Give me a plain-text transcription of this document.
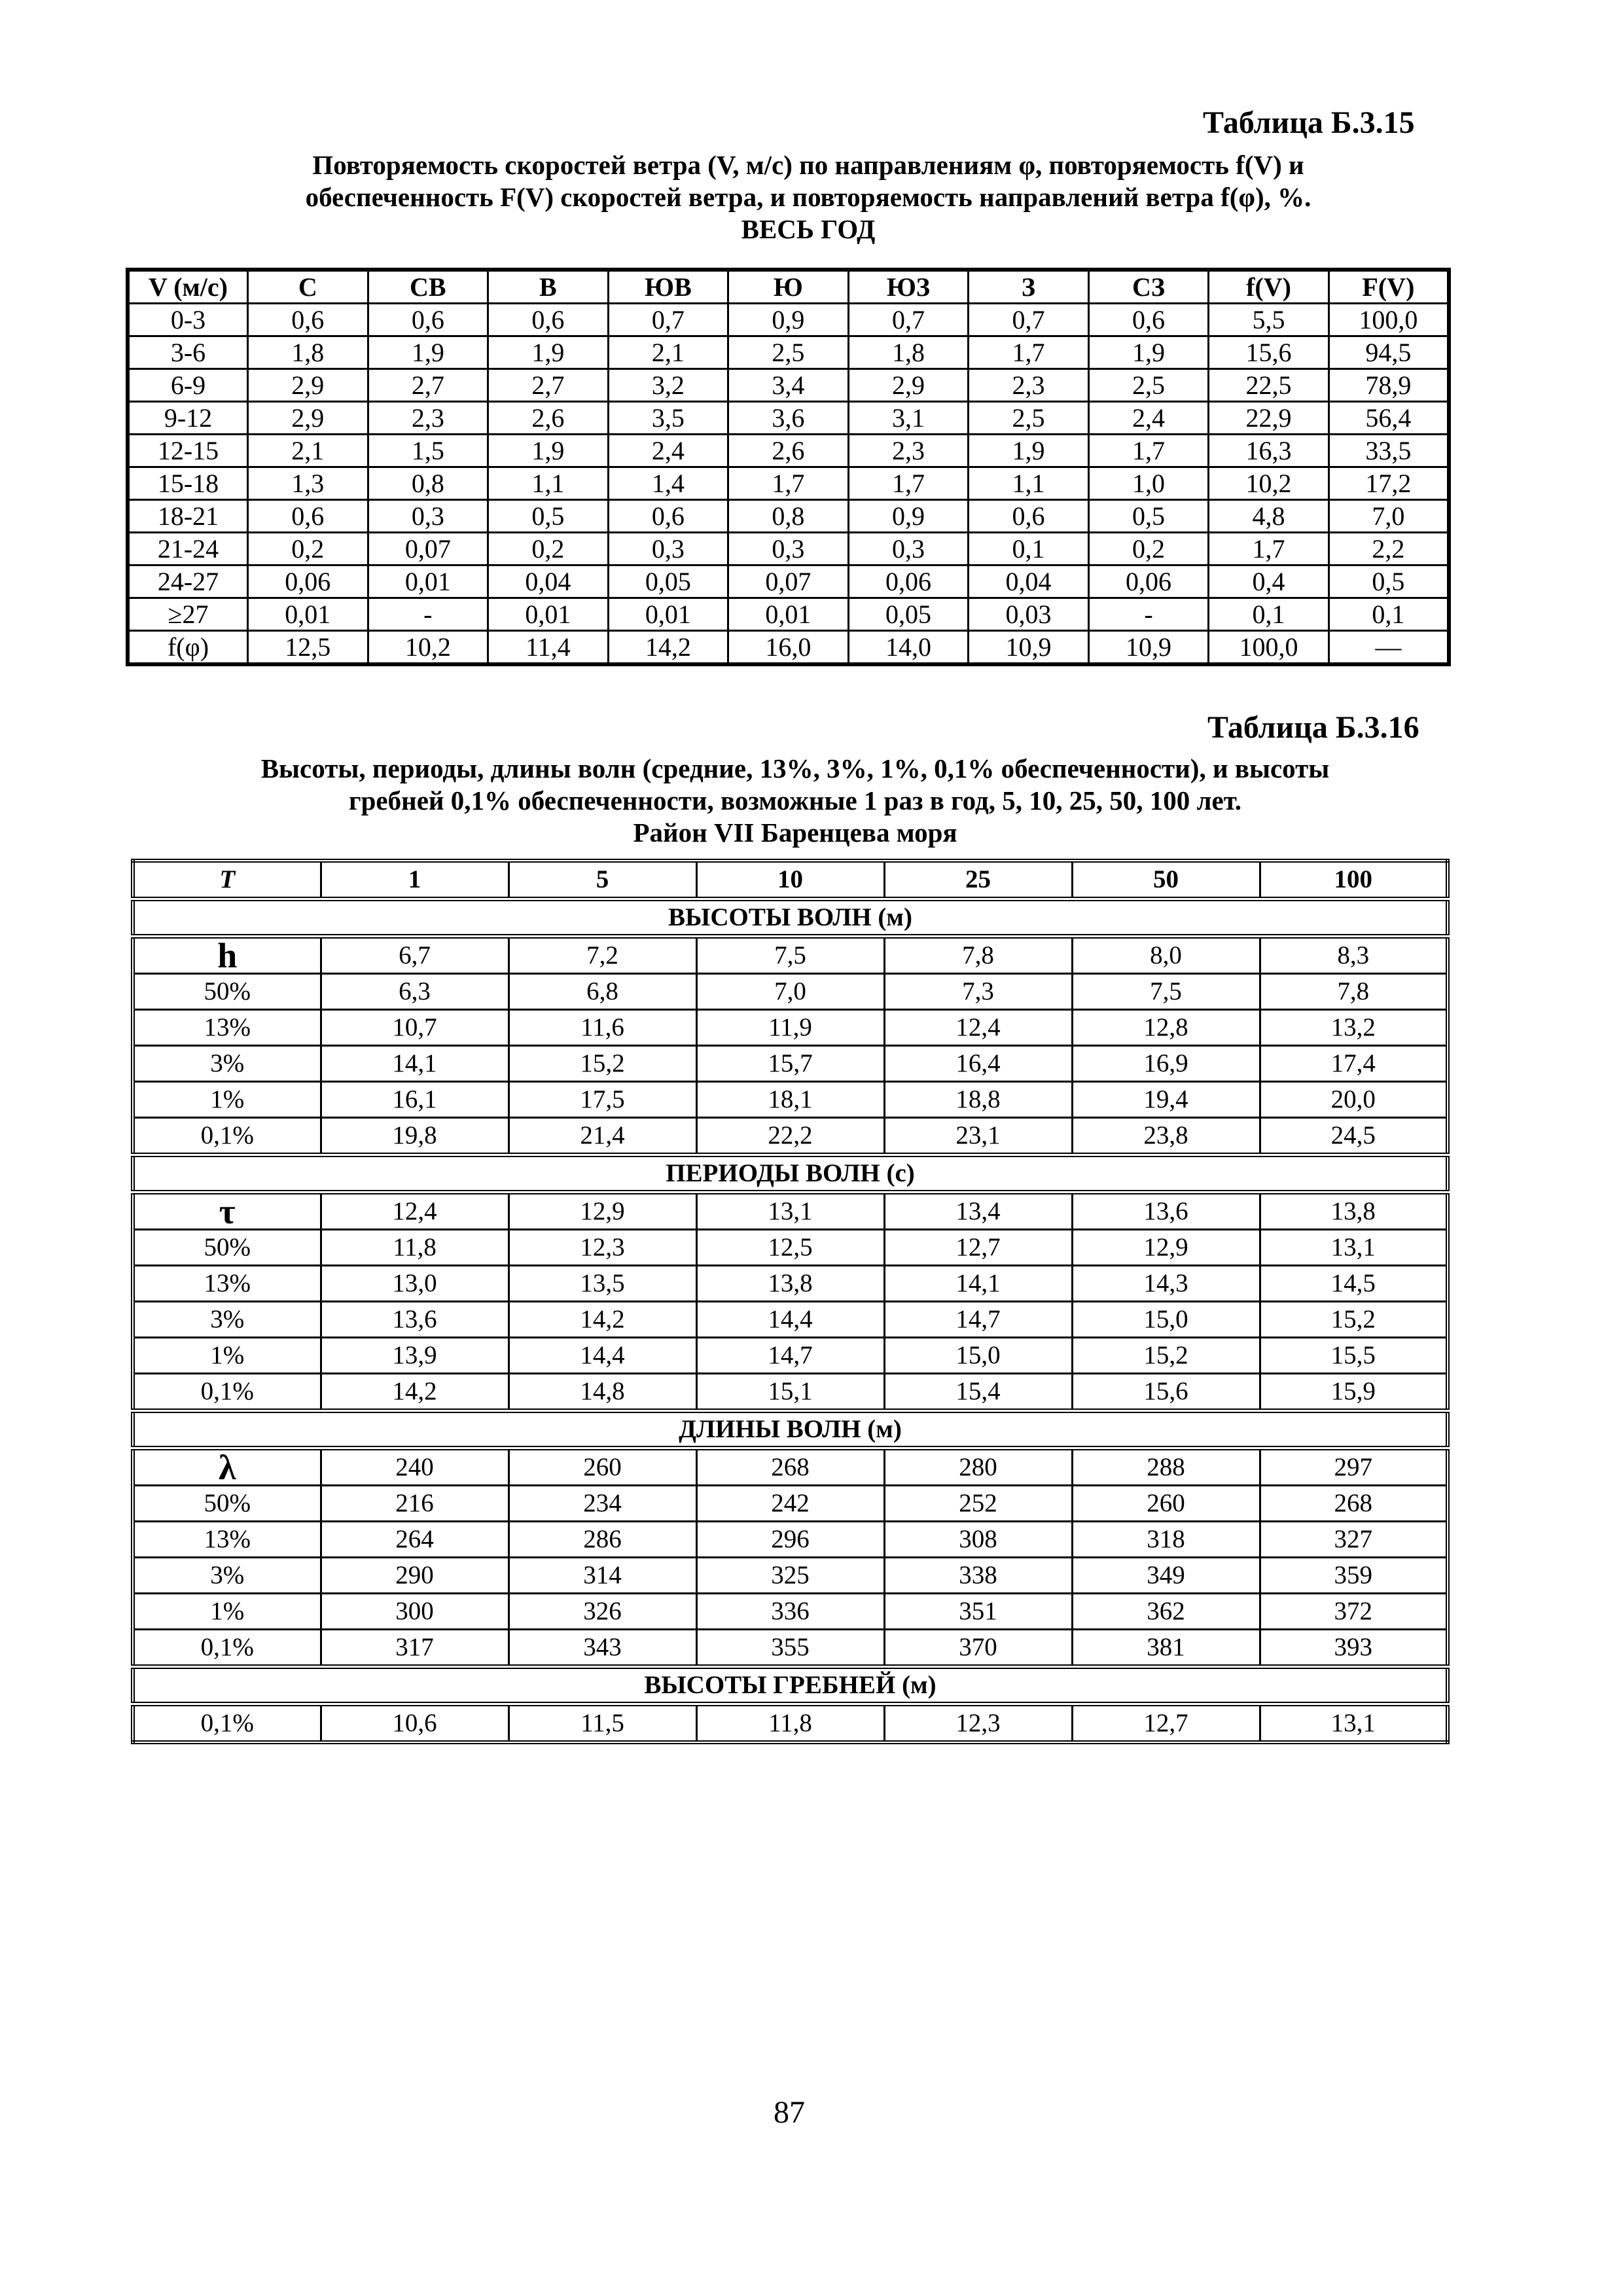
Таблица Б.3.15
Повторяемость скоростей ветра (V, м/с) по направлениям φ, повторяемость f(V) и
обеспеченность F(V) скоростей ветра, и повторяемость направлений ветра f(φ), %.
ВЕСЬ ГОД
V (м/с)	С	СВ	В	ЮВ	Ю	ЮЗ	З	СЗ	f(V)	F(V)
0-3	0,6	0,6	0,6	0,7	0,9	0,7	0,7	0,6	5,5	100,0
3-6	1,8	1,9	1,9	2,1	2,5	1,8	1,7	1,9	15,6	94,5
6-9	2,9	2,7	2,7	3,2	3,4	2,9	2,3	2,5	22,5	78,9
9-12	2,9	2,3	2,6	3,5	3,6	3,1	2,5	2,4	22,9	56,4
12-15	2,1	1,5	1,9	2,4	2,6	2,3	1,9	1,7	16,3	33,5
15-18	1,3	0,8	1,1	1,4	1,7	1,7	1,1	1,0	10,2	17,2
18-21	0,6	0,3	0,5	0,6	0,8	0,9	0,6	0,5	4,8	7,0
21-24	0,2	0,07	0,2	0,3	0,3	0,3	0,1	0,2	1,7	2,2
24-27	0,06	0,01	0,04	0,05	0,07	0,06	0,04	0,06	0,4	0,5
≥27	0,01	-	0,01	0,01	0,01	0,05	0,03	-	0,1	0,1
f(φ)	12,5	10,2	11,4	14,2	16,0	14,0	10,9	10,9	100,0	—
Таблица Б.3.16
Высоты, периоды, длины волн (средние, 13%, 3%, 1%, 0,1% обеспеченности), и высоты
гребней 0,1% обеспеченности, возможные 1 раз в год, 5, 10, 25, 50, 100 лет.
Район VII Баренцева моря
T	1	5	10	25	50	100
ВЫСОТЫ ВОЛН (м)						
h	6,7	7,2	7,5	7,8	8,0	8,3
50%	6,3	6,8	7,0	7,3	7,5	7,8
13%	10,7	11,6	11,9	12,4	12,8	13,2
3%	14,1	15,2	15,7	16,4	16,9	17,4
1%	16,1	17,5	18,1	18,8	19,4	20,0
0,1%	19,8	21,4	22,2	23,1	23,8	24,5
ПЕРИОДЫ ВОЛН (с)						
τ	12,4	12,9	13,1	13,4	13,6	13,8
50%	11,8	12,3	12,5	12,7	12,9	13,1
13%	13,0	13,5	13,8	14,1	14,3	14,5
3%	13,6	14,2	14,4	14,7	15,0	15,2
1%	13,9	14,4	14,7	15,0	15,2	15,5
0,1%	14,2	14,8	15,1	15,4	15,6	15,9
ДЛИНЫ ВОЛН (м)						
λ	240	260	268	280	288	297
50%	216	234	242	252	260	268
13%	264	286	296	308	318	327
3%	290	314	325	338	349	359
1%	300	326	336	351	362	372
0,1%	317	343	355	370	381	393
ВЫСОТЫ ГРЕБНЕЙ (м)						
0,1%	10,6	11,5	11,8	12,3	12,7	13,1
87
